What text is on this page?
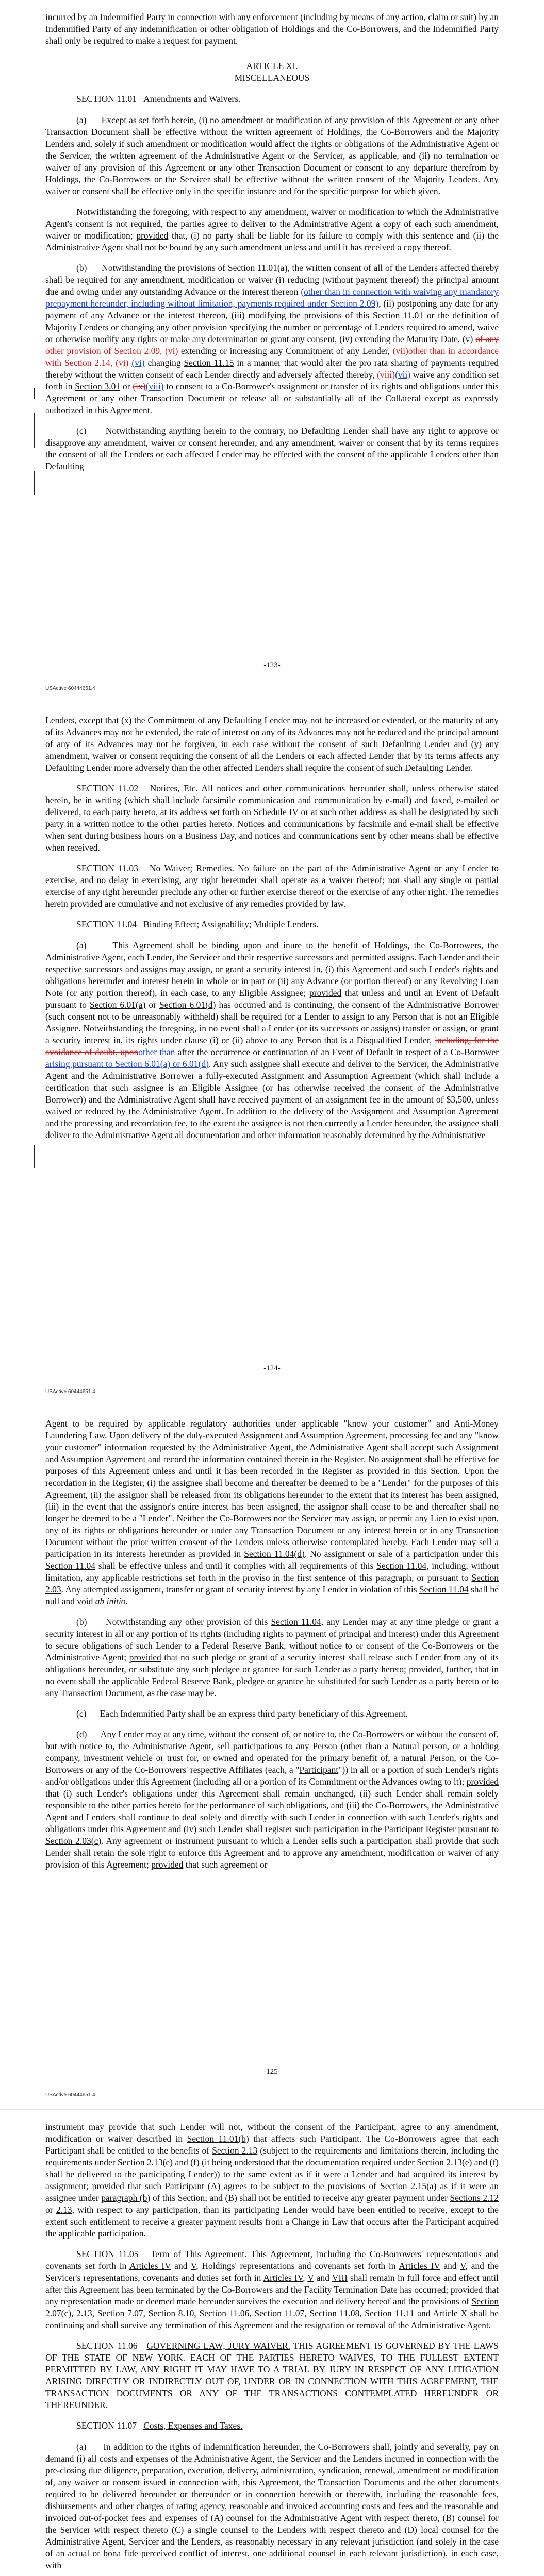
incurred by an Indemnified Party in connection with any enforcement (including by means of any action, claim or suit) by an Indemnified Party of any indemnification or other obligation of Holdings and the Co-Borrowers, and the Indemnified Party shall only be required to make a request for payment.

ARTICLE XI.
MISCELLANEOUS

SECTION 11.01 Amendments and Waivers.

(a)      Except as set forth herein, (i) no amendment or modification of any provision of this Agreement or any other Transaction Document shall be effective without the written agreement of Holdings, the Co-Borrowers and the Majority Lenders and, solely if such amendment or modification would affect the rights or obligations of the Administrative Agent or the Servicer, the written agreement of the Administrative Agent or the Servicer, as applicable, and (ii) no termination or waiver of any provision of this Agreement or any other Transaction Document or consent to any departure therefrom by Holdings, the Co-Borrowers or the Servicer shall be effective without the written consent of the Majority Lenders. Any waiver or consent shall be effective only in the specific instance and for the specific purpose for which given.

Notwithstanding the foregoing, with respect to any amendment, waiver or modification to which the Administrative Agent's consent is not required, the parties agree to deliver to the Administrative Agent a copy of each such amendment, waiver or modification; provided that, (i) no party shall be liable for its failure to comply with this sentence and (ii) the Administrative Agent shall not be bound by any such amendment unless and until it has received a copy thereof.

(b)      Notwithstanding the provisions of Section 11.01(a), the written consent of all of the Lenders affected thereby shall be required for any amendment, modification or waiver (i) reducing (without payment thereof) the principal amount due and owing under any outstanding Advance or the interest thereon (other than in connection with waiving any mandatory prepayment hereunder, including without limitation, payments required under Section 2.09), (ii) postponing any date for any payment of any Advance or the interest thereon, (iii) modifying the provisions of this Section 11.01 or the definition of Majority Lenders or changing any other provision specifying the number or percentage of Lenders required to amend, waive or otherwise modify any rights or make any determination or grant any consent, (iv) extending the Maturity Date, (v) of any other provision of Section 2.09, (vi) extending or increasing any Commitment of any Lender, (vii)other than in accordance with Section 2.14, (vi) (vi) changing Section 11.15 in a manner that would alter the pro rata sharing of payments required thereby without the written consent of each Lender directly and adversely affected thereby, (viii)(vii) waive any condition set forth in Section 3.01 or (ix)(viii) to consent to a Co-Borrower's assignment or transfer of its rights and obligations under this Agreement or any other Transaction Document or release all or substantially all of the Collateral except as expressly authorized in this Agreement.

(c)      Notwithstanding anything herein to the contrary, no Defaulting Lender shall have any right to approve or disapprove any amendment, waiver or consent hereunder, and any amendment, waiver or consent that by its terms requires the consent of all the Lenders or each affected Lender may be effected with the consent of the applicable Lenders other than Defaulting

-123-
USActive 60444651.4

Lenders, except that (x) the Commitment of any Defaulting Lender may not be increased or extended, or the maturity of any of its Advances may not be extended, the rate of interest on any of its Advances may not be reduced and the principal amount of any of its Advances may not be forgiven, in each case without the consent of such Defaulting Lender and (y) any amendment, waiver or consent requiring the consent of all the Lenders or each affected Lender that by its terms affects any Defaulting Lender more adversely than the other affected Lenders shall require the consent of such Defaulting Lender.

SECTION 11.02 Notices, Etc. All notices and other communications hereunder shall, unless otherwise stated herein, be in writing (which shall include facsimile communication and communication by e-mail) and faxed, e-mailed or delivered, to each party hereto, at its address set forth on Schedule IV or at such other address as shall be designated by such party in a written notice to the other parties hereto. Notices and communications by facsimile and e-mail shall be effective when sent during business hours on a Business Day, and notices and communications sent by other means shall be effective when received.

SECTION 11.03 No Waiver; Remedies. No failure on the part of the Administrative Agent or any Lender to exercise, and no delay in exercising, any right hereunder shall operate as a waiver thereof; nor shall any single or partial exercise of any right hereunder preclude any other or further exercise thereof or the exercise of any other right. The remedies herein provided are cumulative and not exclusive of any remedies provided by law.

SECTION 11.04 Binding Effect; Assignability; Multiple Lenders.

(a)      This Agreement shall be binding upon and inure to the benefit of Holdings, the Co-Borrowers, the Administrative Agent, each Lender, the Servicer and their respective successors and permitted assigns. Each Lender and their respective successors and assigns may assign, or grant a security interest in, (i) this Agreement and such Lender's rights and obligations hereunder and interest herein in whole or in part or (ii) any Advance (or portion thereof) or any Revolving Loan Note (or any portion thereof), in each case, to any Eligible Assignee; provided that unless and until an Event of Default pursuant to Section 6.01(a) or Section 6.01(d) has occurred and is continuing, the consent of the Administrative Borrower (such consent not to be unreasonably withheld) shall be required for a Lender to assign to any Person that is not an Eligible Assignee. Notwithstanding the foregoing, in no event shall a Lender (or its successors or assigns) transfer or assign, or grant a security interest in, its rights under clause (i) or (ii) above to any Person that is a Disqualified Lender, including, for the avoidance of doubt, uponother than after the occurrence or continuation of an Event of Default in respect of a Co-Borrower arising pursuant to Section 6.01(a) or 6.01(d). Any such assignee shall execute and deliver to the Servicer, the Administrative Agent and the Administrative Borrower a fully-executed Assignment and Assumption Agreement (which shall include a certification that such assignee is an Eligible Assignee (or has otherwise received the consent of the Administrative Borrower)) and the Administrative Agent shall have received payment of an assignment fee in the amount of $3,500, unless waived or reduced by the Administrative Agent. In addition to the delivery of the Assignment and Assumption Agreement and the processing and recordation fee, to the extent the assignee is not then currently a Lender hereunder, the assignee shall deliver to the Administrative Agent all documentation and other information reasonably determined by the Administrative

-124-
USActive 60444651.4

Agent to be required by applicable regulatory authorities under applicable "know your customer" and Anti-Money Laundering Law. Upon delivery of the duly-executed Assignment and Assumption Agreement, processing fee and any "know your customer" information requested by the Administrative Agent, the Administrative Agent shall accept such Assignment and Assumption Agreement and record the information contained therein in the Register. No assignment shall be effective for purposes of this Agreement unless and until it has been recorded in the Register as provided in this Section. Upon the recordation in the Register, (i) the assignee shall become and thereafter be deemed to be a "Lender" for the purposes of this Agreement, (ii) the assignor shall be released from its obligations hereunder to the extent that its interest has been assigned, (iii) in the event that the assignor's entire interest has been assigned, the assignor shall cease to be and thereafter shall no longer be deemed to be a "Lender". Neither the Co-Borrowers nor the Servicer may assign, or permit any Lien to exist upon, any of its rights or obligations hereunder or under any Transaction Document or any interest herein or in any Transaction Document without the prior written consent of the Lenders unless otherwise contemplated hereby. Each Lender may sell a participation in its interests hereunder as provided in Section 11.04(d). No assignment or sale of a participation under this Section 11.04 shall be effective unless and until it complies with all requirements of this Section 11.04, including, without limitation, any applicable restrictions set forth in the proviso in the first sentence of this paragraph, or pursuant to Section 2.03. Any attempted assignment, transfer or grant of security interest by any Lender in violation of this Section 11.04 shall be null and void ab initio.

(b)      Notwithstanding any other provision of this Section 11.04, any Lender may at any time pledge or grant a security interest in all or any portion of its rights (including rights to payment of principal and interest) under this Agreement to secure obligations of such Lender to a Federal Reserve Bank, without notice to or consent of the Co-Borrowers or the Administrative Agent; provided that no such pledge or grant of a security interest shall release such Lender from any of its obligations hereunder, or substitute any such pledgee or grantee for such Lender as a party hereto; provided, further, that in no event shall the applicable Federal Reserve Bank, pledgee or grantee be substituted for such Lender as a party hereto or to any Transaction Document, as the case may be.

(c)      Each Indemnified Party shall be an express third party beneficiary of this Agreement.

(d)      Any Lender may at any time, without the consent of, or notice to, the Co-Borrowers or without the consent of, but with notice to, the Administrative Agent, sell participations to any Person (other than a Natural person, or a holding company, investment vehicle or trust for, or owned and operated for the primary benefit of, a natural Person, or the Co-Borrowers or any of the Co-Borrowers' respective Affiliates (each, a "Participant")) in all or a portion of such Lender's rights and/or obligations under this Agreement (including all or a portion of its Commitment or the Advances owing to it); provided that (i) such Lender's obligations under this Agreement shall remain unchanged, (ii) such Lender shall remain solely responsible to the other parties hereto for the performance of such obligations, and (iii) the Co-Borrowers, the Administrative Agent and Lenders shall continue to deal solely and directly with such Lender in connection with such Lender's rights and obligations under this Agreement and (iv) such Lender shall register such participation in the Participant Register pursuant to Section 2.03(c). Any agreement or instrument pursuant to which a Lender sells such a participation shall provide that such Lender shall retain the sole right to enforce this Agreement and to approve any amendment, modification or waiver of any provision of this Agreement; provided that such agreement or

-125-
USActive 60444651.4

instrument may provide that such Lender will not, without the consent of the Participant, agree to any amendment, modification or waiver described in Section 11.01(b) that affects such Participant. The Co-Borrowers agree that each Participant shall be entitled to the benefits of Section 2.13 (subject to the requirements and limitations therein, including the requirements under Section 2.13(e) and (f) (it being understood that the documentation required under Section 2.13(e) and (f) shall be delivered to the participating Lender)) to the same extent as if it were a Lender and had acquired its interest by assignment; provided that such Participant (A) agrees to be subject to the provisions of Section 2.15(a) as if it were an assignee under paragraph (b) of this Section; and (B) shall not be entitled to receive any greater payment under Sections 2.12 or 2.13, with respect to any participation, than its participating Lender would have been entitled to receive, except to the extent such entitlement to receive a greater payment results from a Change in Law that occurs after the Participant acquired the applicable participation.

SECTION 11.05 Term of This Agreement. This Agreement, including the Co-Borrowers' representations and covenants set forth in Articles IV and V, Holdings' representations and covenants set forth in Articles IV and V, and the Servicer's representations, covenants and duties set forth in Articles IV, V and VIII shall remain in full force and effect until after this Agreement has been terminated by the Co-Borrowers and the Facility Termination Date has occurred; provided that any representation made or deemed made hereunder survives the execution and delivery hereof and the provisions of Section 2.07(c), 2.13, Section 7.07, Section 8.10, Section 11.06, Section 11.07, Section 11.08, Section 11.11 and Article X shall be continuing and shall survive any termination of this Agreement and the resignation or removal of the Administrative Agent.

SECTION 11.06 GOVERNING LAW; JURY WAIVER. THIS AGREEMENT IS GOVERNED BY THE LAWS OF THE STATE OF NEW YORK. EACH OF THE PARTIES HERETO WAIVES, TO THE FULLEST EXTENT PERMITTED BY LAW, ANY RIGHT IT MAY HAVE TO A TRIAL BY JURY IN RESPECT OF ANY LITIGATION ARISING DIRECTLY OR INDIRECTLY OUT OF, UNDER OR IN CONNECTION WITH THIS AGREEMENT, THE TRANSACTION DOCUMENTS OR ANY OF THE TRANSACTIONS CONTEMPLATED HEREUNDER OR THEREUNDER.

SECTION 11.07 Costs, Expenses and Taxes.

(a)      In addition to the rights of indemnification hereunder, the Co-Borrowers shall, jointly and severally, pay on demand (i) all costs and expenses of the Administrative Agent, the Servicer and the Lenders incurred in connection with the pre-closing due diligence, preparation, execution, delivery, administration, syndication, renewal, amendment or modification of, any waiver or consent issued in connection with, this Agreement, the Transaction Documents and the other documents required to be delivered hereunder or thereunder or in connection herewith or therewith, including the reasonable fees, disbursements and other charges of rating agency, reasonable and invoiced accounting costs and fees and the reasonable and invoiced out-of-pocket fees and expenses of (A) counsel for the Administrative Agent with respect thereto, (B) counsel for the Servicer with respect thereto (C) a single counsel to the Lenders with respect thereto and (D) local counsel for the Administrative Agent, Servicer and the Lenders, as reasonably necessary in any relevant jurisdiction (and solely in the case of an actual or bona fide perceived conflict of interest, one additional counsel in each relevant jurisdiction), in each case, with
